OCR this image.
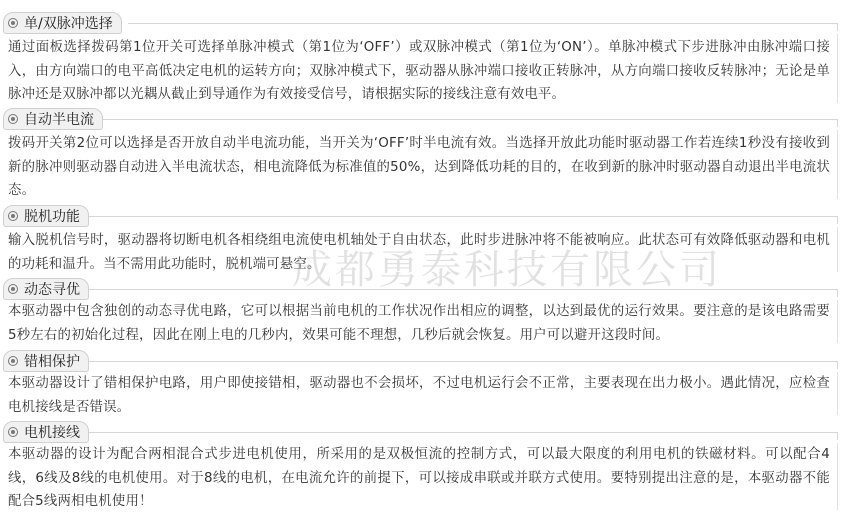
单/双脉冲选择
通过面板选择拨码第1位开关可选择单脉冲模式（第1位为‘OFF’）或双脉冲模式（第1位为‘ON’）。单脉冲模式下步进脉冲由脉冲端口接入，由方向端口的电平高低决定电机的运转方向；双脉冲模式下，驱动器从脉冲端口接收正转脉冲，从方向端口接收反转脉冲；无论是单脉冲还是双脉冲都以光耦从截止到导通作为有效接受信号，请根据实际的接线注意有效电平。
自动半电流
拨码开关第2位可以选择是否开放自动半电流功能，当开关为‘OFF’时半电流有效。当选择开放此功能时驱动器工作若连续1秒没有接收到新的脉冲则驱动器自动进入半电流状态，相电流降低为标准值的50%，达到降低功耗的目的，在收到新的脉冲时驱动器自动退出半电流状态。
脱机功能
输入脱机信号时，驱动器将切断电机各相绕组电流使电机轴处于自由状态，此时步进脉冲将不能被响应。此状态可有效降低驱动器和电机的功耗和温升。当不需用此功能时，脱机端可悬空。
动态寻优
本驱动器中包含独创的动态寻优电路，它可以根据当前电机的工作状况作出相应的调整，以达到最优的运行效果。要注意的是该电路需要5秒左右的初始化过程，因此在刚上电的几秒内，效果可能不理想，几秒后就会恢复。用户可以避开这段时间。
错相保护
本驱动器设计了错相保护电路，用户即使接错相，驱动器也不会损坏，不过电机运行会不正常，主要表现在出力极小。遇此情况，应检查电机接线是否错误。
电机接线
本驱动器的设计为配合两相混合式步进电机使用，所采用的是双极恒流的控制方式，可以最大限度的利用电机的铁磁材料。可以配合4线，6线及8线的电机使用。对于8线的电机，在电流允许的前提下，可以接成串联或并联方式使用。要特别提出注意的是，本驱动器不能配合5线两相电机使用！
成都勇泰科技有限公司
